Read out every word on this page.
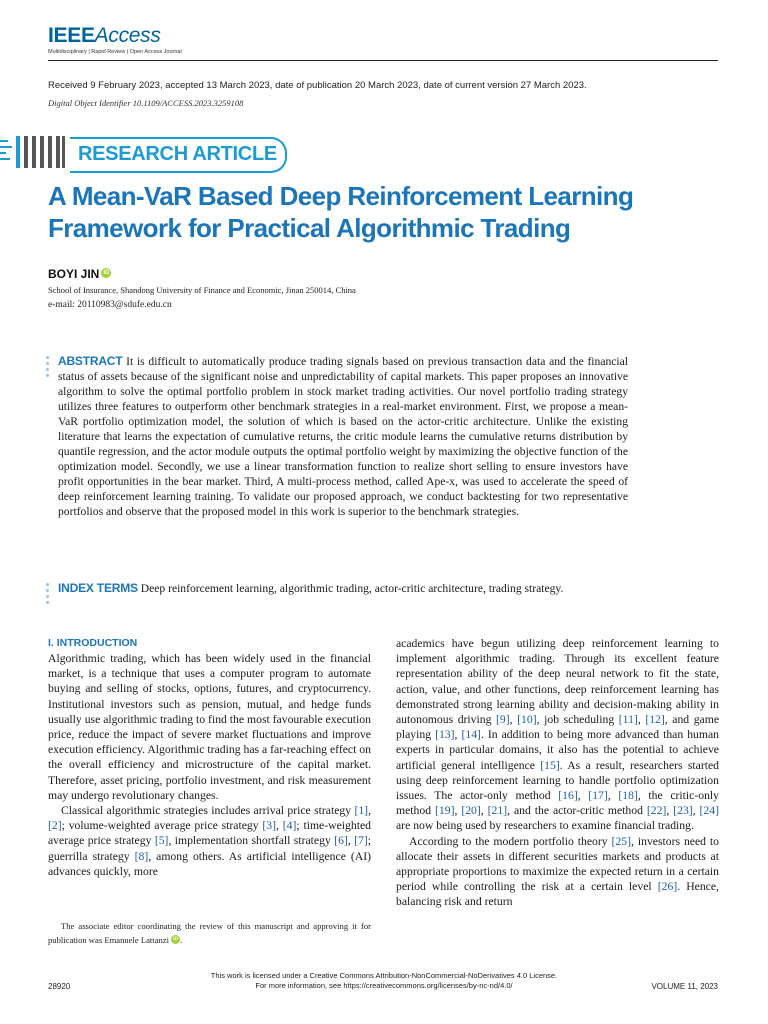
IEEEAccess
Multidisciplinary | Rapid Review | Open Access Journal
Received 9 February 2023, accepted 13 March 2023, date of publication 20 March 2023, date of current version 27 March 2023.
Digital Object Identifier 10.1109/ACCESS.2023.3259108
RESEARCH ARTICLE
A Mean-VaR Based Deep Reinforcement Learning Framework for Practical Algorithmic Trading
BOYI JIN iD
School of Insurance, Shandong University of Finance and Economic, Jinan 250014, China
e-mail: 20110983@sdufe.edu.cn

ABSTRACT It is difficult to automatically produce trading signals based on previous transaction data and the financial status of assets because of the significant noise and unpredictability of capital markets. This paper proposes an innovative algorithm to solve the optimal portfolio problem in stock market trading activities. Our novel portfolio trading strategy utilizes three features to outperform other benchmark strategies in a real-market environment. First, we propose a mean-VaR portfolio optimization model, the solution of which is based on the actor-critic architecture. Unlike the existing literature that learns the expectation of cumulative returns, the critic module learns the cumulative returns distribution by quantile regression, and the actor module outputs the optimal portfolio weight by maximizing the objective function of the optimization model. Secondly, we use a linear transformation function to realize short selling to ensure investors have profit opportunities in the bear market. Third, A multi-process method, called Ape-x, was used to accelerate the speed of deep reinforcement learning training. To validate our proposed approach, we conduct backtesting for two representative portfolios and observe that the proposed model in this work is superior to the benchmark strategies.

INDEX TERMS Deep reinforcement learning, algorithmic trading, actor-critic architecture, trading strategy.

I. INTRODUCTION

Algorithmic trading, which has been widely used in the financial market, is a technique that uses a computer program to automate buying and selling of stocks, options, futures, and cryptocurrency. Institutional investors such as pension, mutual, and hedge funds usually use algorithmic trading to find the most favourable execution price, reduce the impact of severe market fluctuations and improve execution efficiency. Algorithmic trading has a far-reaching effect on the overall efficiency and microstructure of the capital market. Therefore, asset pricing, portfolio investment, and risk measurement may undergo revolutionary changes.

Classical algorithmic strategies includes arrival price strategy [1], [2]; volume-weighted average price strategy [3], [4]; time-weighted average price strategy [5], implementation shortfall strategy [6], [7]; guerrilla strategy [8], among others. As artificial intelligence (AI) advances quickly, more

The associate editor coordinating the review of this manuscript and approving it for publication was Emanuele Lattanzi iD .

academics have begun utilizing deep reinforcement learning to implement algorithmic trading. Through its excellent feature representation ability of the deep neural network to fit the state, action, value, and other functions, deep reinforcement learning has demonstrated strong learning ability and decision-making ability in autonomous driving [9], [10], job scheduling [11], [12], and game playing [13], [14]. In addition to being more advanced than human experts in particular domains, it also has the potential to achieve artificial general intelligence [15]. As a result, researchers started using deep reinforcement learning to handle portfolio optimization issues. The actor-only method [16], [17], [18], the critic-only method [19], [20], [21], and the actor-critic method [22], [23], [24] are now being used by researchers to examine financial trading.

According to the modern portfolio theory [25], investors need to allocate their assets in different securities markets and products at appropriate proportions to maximize the expected return in a certain period while controlling the risk at a certain level [26]. Hence, balancing risk and return

This work is licensed under a Creative Commons Attribution-NonCommercial-NoDerivatives 4.0 License.
For more information, see https://creativecommons.org/licenses/by-nc-nd/4.0/
28920	VOLUME 11, 2023
